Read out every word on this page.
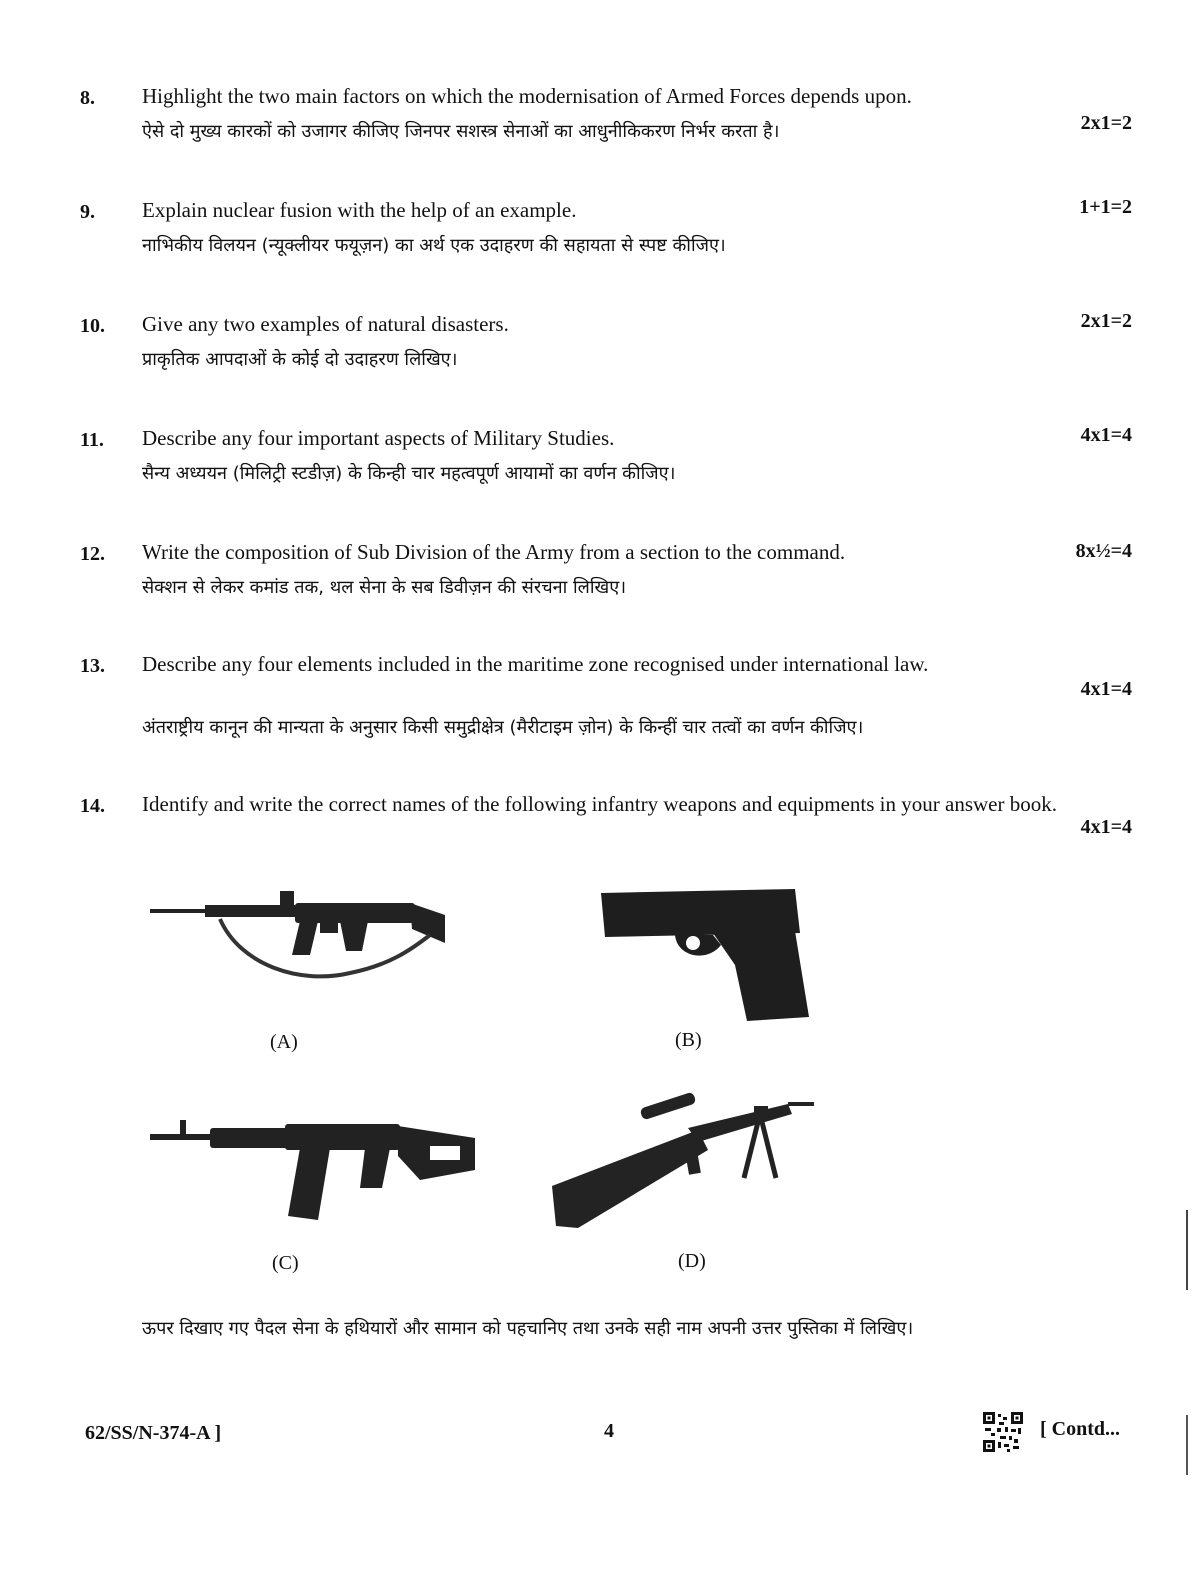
8. Highlight the two main factors on which the modernisation of Armed Forces depends upon.
ऐसे दो मुख्य कारकों को उजागर कीजिए जिनपर सशस्त्र सेनाओं का आधुनीकिकरण निर्भर करता है।	2x1=2
9. Explain nuclear fusion with the help of an example.
नाभिकीय विलयन (न्यूक्लीयर फयूज़न) का अर्थ एक उदाहरण की सहायता से स्पष्ट कीजिए।
1+1=2
10. Give any two examples of natural disasters.
प्राकृतिक आपदाओं के कोई दो उदाहरण लिखिए।
2x1=2
11. Describe any four important aspects of Military Studies.
सैन्य अध्ययन (मिलिट्री स्टडीज़) के किन्ही चार महत्वपूर्ण आयामों का वर्णन कीजिए।
4x1=4
12. Write the composition of Sub Division of the Army from a section to the command.
सेक्शन से लेकर कमांड तक, थल सेना के सब डिवीज़न की संरचना लिखिए।
8x½=4
13. Describe any four elements included in the maritime zone recognised under international law.
अंतराष्ट्रीय कानून की मान्यता के अनुसार किसी समुद्रीक्षेत्र (मैरीटाइम ज़ोन) के किन्हीं चार तत्वों का वर्णन कीजिए।
4x1=4
14. Identify and write the correct names of the following infantry weapons and equipments in your answer book.
4x1=4
(A)	(B)
(C)	(D)
ऊपर दिखाए गए पैदल सेना के हथियारों और सामान को पहचानिए तथा उनके सही नाम अपनी उत्तर पुस्तिका में लिखिए।
62/SS/N-374-A ]	4	[ Contd...
